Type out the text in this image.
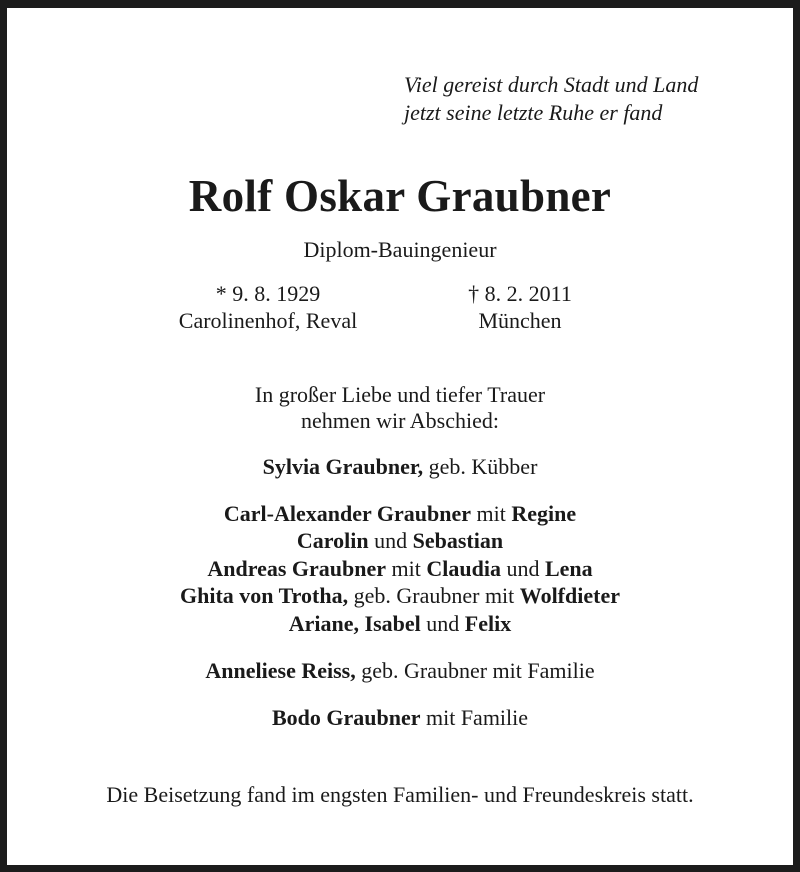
Viel gereist durch Stadt und Land
jetzt seine letzte Ruhe er fand
Rolf Oskar Graubner
Diplom-Bauingenieur
* 9. 8. 1929
Carolinenhof, Reval
† 8. 2. 2011
München
In großer Liebe und tiefer Trauer
nehmen wir Abschied:
Sylvia Graubner, geb. Kübber
Carl-Alexander Graubner mit Regine
Carolin und Sebastian
Andreas Graubner mit Claudia und Lena
Ghita von Trotha, geb. Graubner mit Wolfdieter
Ariane, Isabel und Felix
Anneliese Reiss, geb. Graubner mit Familie
Bodo Graubner mit Familie
Die Beisetzung fand im engsten Familien- und Freundeskreis statt.
